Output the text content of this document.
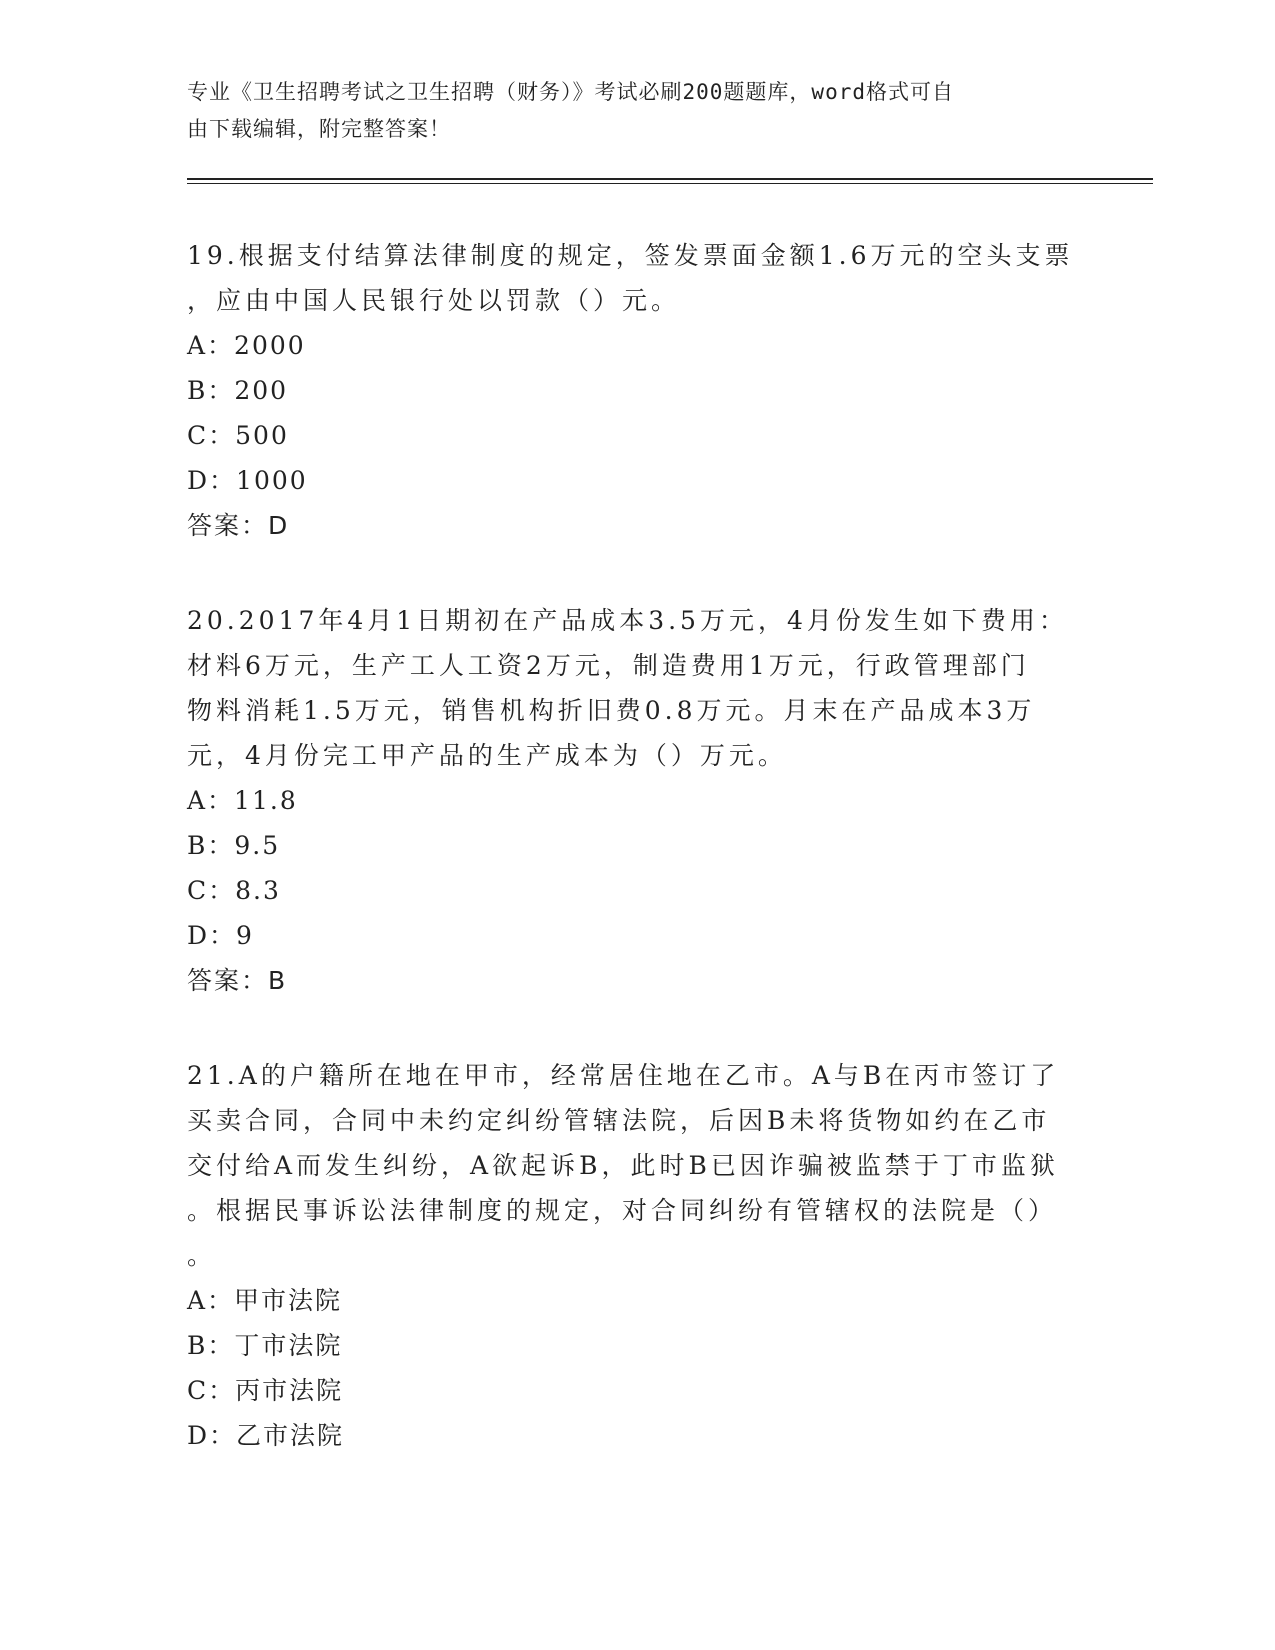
专业《卫生招聘考试之卫生招聘（财务）》考试必刷200题题库，word格式可自
由下载编辑，附完整答案！
19.根据支付结算法律制度的规定，签发票面金额1.6万元的空头支票
，应由中国人民银行处以罚款（）元。
A：2000
B：200
C：500
D：1000
答案：D
20.2017年4月1日期初在产品成本3.5万元，4月份发生如下费用：
材料6万元，生产工人工资2万元，制造费用1万元，行政管理部门
物料消耗1.5万元，销售机构折旧费0.8万元。月末在产品成本3万
元，4月份完工甲产品的生产成本为（）万元。
A：11.8
B：9.5
C：8.3
D：9
答案：B
21.A的户籍所在地在甲市，经常居住地在乙市。A与B在丙市签订了
买卖合同，合同中未约定纠纷管辖法院，后因B未将货物如约在乙市
交付给A而发生纠纷，A欲起诉B，此时B已因诈骗被监禁于丁市监狱
。根据民事诉讼法律制度的规定，对合同纠纷有管辖权的法院是（）
。
A：甲市法院
B：丁市法院
C：丙市法院
D：乙市法院
